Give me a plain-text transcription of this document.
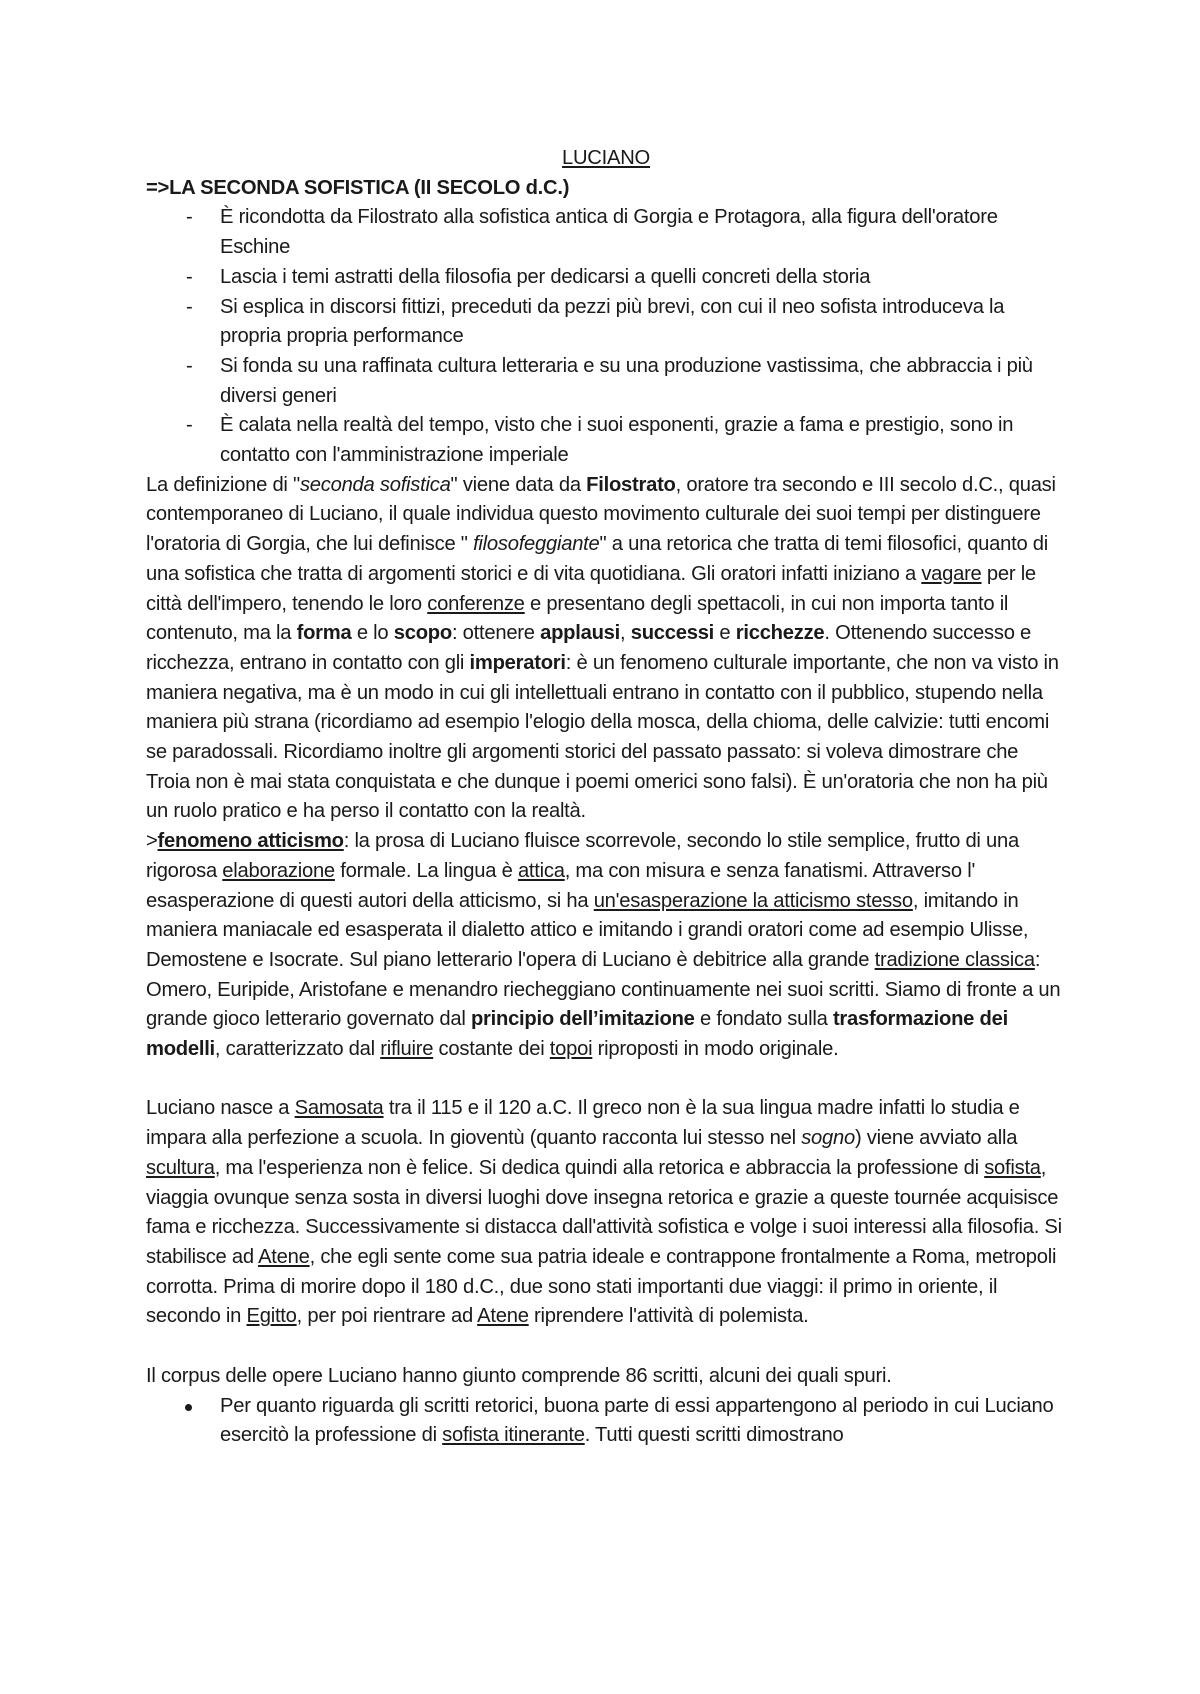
LUCIANO
=>LA SECONDA SOFISTICA (II SECOLO d.C.)
- È ricondotta da Filostrato alla sofistica antica di Gorgia e Protagora, alla figura dell'oratore Eschine
- Lascia i temi astratti della filosofia per dedicarsi a quelli concreti della storia
- Si esplica in discorsi fittizi, preceduti da pezzi più brevi, con cui il neo sofista introduceva la propria propria performance
- Si fonda su una raffinata cultura letteraria e su una produzione vastissima, che abbraccia i più diversi generi
- È calata nella realtà del tempo, visto che i suoi esponenti, grazie a fama e prestigio, sono in contatto con l'amministrazione imperiale

La definizione di "seconda sofistica" viene data da Filostrato, oratore tra secondo e III secolo d.C., quasi contemporaneo di Luciano, il quale individua questo movimento culturale dei suoi tempi per distinguere l'oratoria di Gorgia, che lui definisce " filosofeggiante" a una retorica che tratta di temi filosofici, quanto di una sofistica che tratta di argomenti storici e di vita quotidiana. Gli oratori infatti iniziano a vagare per le città dell'impero, tenendo le loro conferenze e presentano degli spettacoli, in cui non importa tanto il contenuto, ma la forma e lo scopo: ottenere applausi, successi e ricchezze. Ottenendo successo e ricchezza, entrano in contatto con gli imperatori: è un fenomeno culturale importante, che non va visto in maniera negativa, ma è un modo in cui gli intellettuali entrano in contatto con il pubblico, stupendo nella maniera più strana (ricordiamo ad esempio l'elogio della mosca, della chioma, delle calvizie: tutti encomi se paradossali. Ricordiamo inoltre gli argomenti storici del passato passato: si voleva dimostrare che Troia non è mai stata conquistata e che dunque i poemi omerici sono falsi). È un'oratoria che non ha più un ruolo pratico e ha perso il contatto con la realtà.

>fenomeno atticismo: la prosa di Luciano fluisce scorrevole, secondo lo stile semplice, frutto di una rigorosa elaborazione formale. La lingua è attica, ma con misura e senza fanatismi. Attraverso l' esasperazione di questi autori della atticismo, si ha un'esasperazione la atticismo stesso, imitando in maniera maniacale ed esasperata il dialetto attico e imitando i grandi oratori come ad esempio Ulisse, Demostene e Isocrate. Sul piano letterario l'opera di Luciano è debitrice alla grande tradizione classica: Omero, Euripide, Aristofane e menandro riecheggiano continuamente nei suoi scritti. Siamo di fronte a un grande gioco letterario governato dal principio dell’imitazione e fondato sulla trasformazione dei modelli, caratterizzato dal rifluire costante dei topoi riproposti in modo originale.

Luciano nasce a Samosata tra il 115 e il 120 a.C. Il greco non è la sua lingua madre infatti lo studia e impara alla perfezione a scuola. In gioventù (quanto racconta lui stesso nel sogno) viene avviato alla scultura, ma l'esperienza non è felice. Si dedica quindi alla retorica e abbraccia la professione di sofista, viaggia ovunque senza sosta in diversi luoghi dove insegna retorica e grazie a queste tournée acquisisce fama e ricchezza. Successivamente si distacca dall'attività sofistica e volge i suoi interessi alla filosofia. Si stabilisce ad Atene, che egli sente come sua patria ideale e contrappone frontalmente a Roma, metropoli corrotta. Prima di morire dopo il 180 d.C., due sono stati importanti due viaggi: il primo in oriente, il secondo in Egitto, per poi rientrare ad Atene riprendere l'attività di polemista.

Il corpus delle opere Luciano hanno giunto comprende 86 scritti, alcuni dei quali spuri.

Per quanto riguarda gli scritti retorici, buona parte di essi appartengono al periodo in cui Luciano esercitò la professione di sofista itinerante. Tutti questi scritti dimostrano
